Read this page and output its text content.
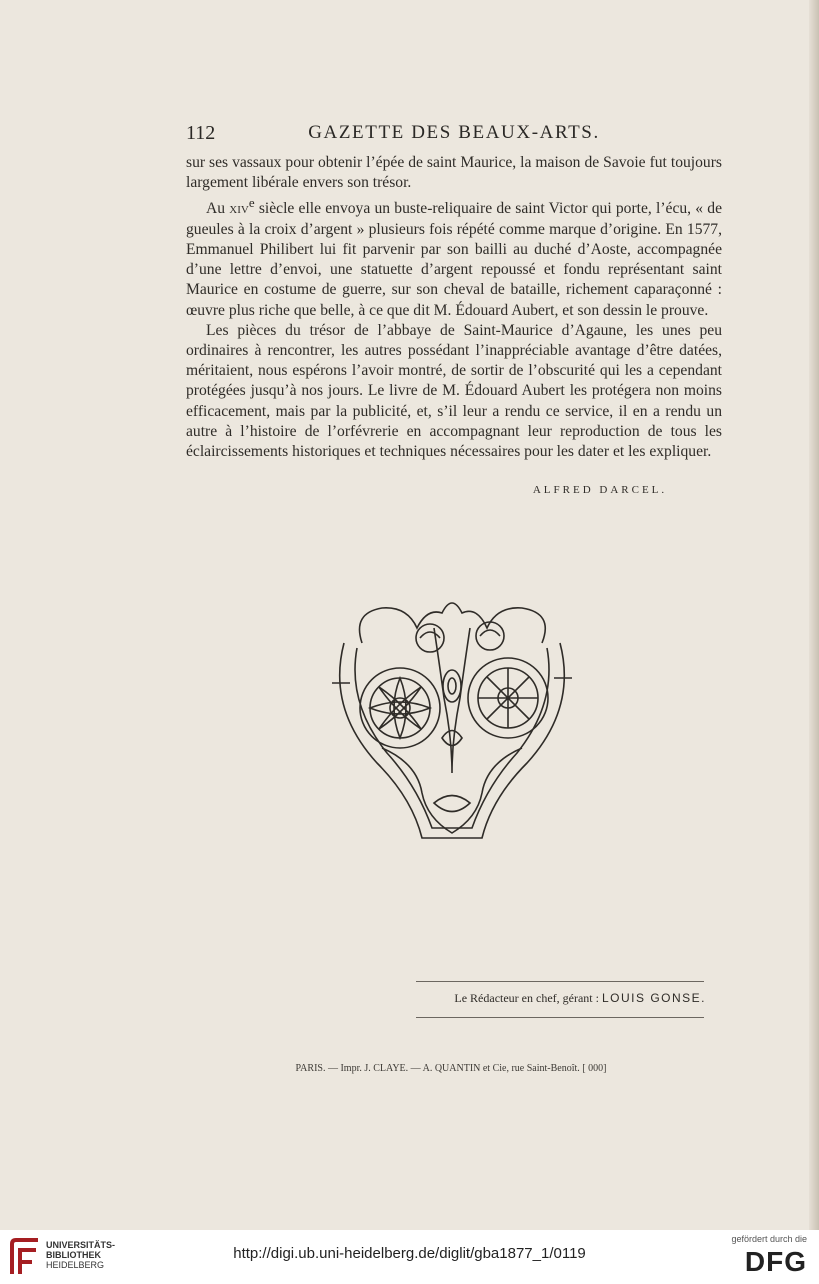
112	GAZETTE DES BEAUX-ARTS.

sur ses vassaux pour obtenir l’épée de saint Maurice, la maison de Savoie fut toujours largement libérale envers son trésor.

Au xiv$^e$ siècle elle envoya un buste-reliquaire de saint Victor qui porte, l’écu, « de gueules à la croix d’argent » plusieurs fois répété comme marque d’origine. En 1577, Emmanuel Philibert lui fit parvenir par son bailli au duché d’Aoste, accompagnée d’une lettre d’envoi, une statuette d’argent repoussé et fondu représentant saint Maurice en costume de guerre, sur son cheval de bataille, richement caparaçonné : œuvre plus riche que belle, à ce que dit M. Édouard Aubert, et son dessin le prouve.

Les pièces du trésor de l’abbaye de Saint-Maurice d’Agaune, les unes peu ordinaires à rencontrer, les autres possédant l’inappréciable avantage d’être datées, méritaient, nous espérons l’avoir montré, de sortir de l’obscurité qui les a cependant protégées jusqu’à nos jours. Le livre de M. Édouard Aubert les protégera non moins efficacement, mais par la publicité, et, s’il leur a rendu ce service, il en a rendu un autre à l’histoire de l’orfévrerie en accompagnant leur reproduction de tous les éclaircissements historiques et techniques nécessaires pour les dater et les expliquer.

ALFRED DARCEL.
Le Rédacteur en chef, gérant : LOUIS GONSE.
PARIS. — Impr. J. CLAYE. — A. QUANTIN et Cie, rue Saint-Benoît. [ 000]
UNIVERSITÄTS-
BIBLIOTHEK
HEIDELBERG
http://digi.ub.uni-heidelberg.de/diglit/gba1877_1/0119
gefördert durch die
DFG
